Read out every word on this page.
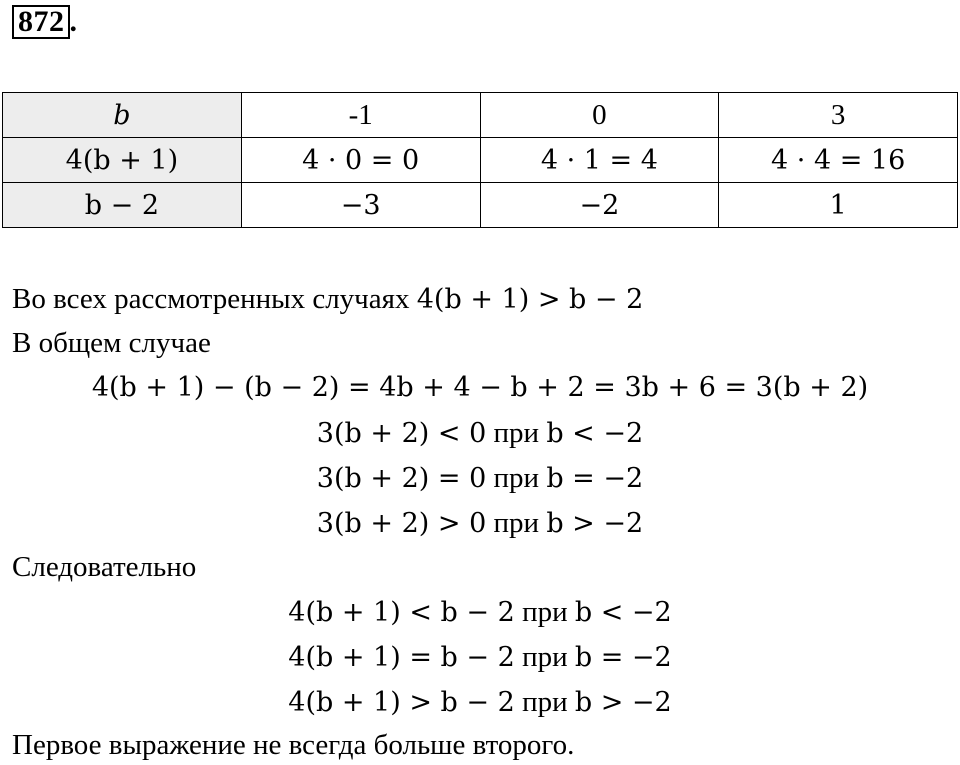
872 .
b	-1	0	3
4(b + 1)	4 · 0 = 0	4 · 1 = 4	4 · 4 = 16
b − 2	−3	−2	1
Во всех рассмотренных случаях 4(b + 1) > b − 2
В общем случае
4(b + 1) − (b − 2) = 4b + 4 − b + 2 = 3b + 6 = 3(b + 2)
3(b + 2) < 0 при b < −2
3(b + 2) = 0 при b = −2
3(b + 2) > 0 при b > −2
Следовательно
4(b + 1) < b − 2 при b < −2
4(b + 1) = b − 2 при b = −2
4(b + 1) > b − 2 при b > −2
Первое выражение не всегда больше второго.
